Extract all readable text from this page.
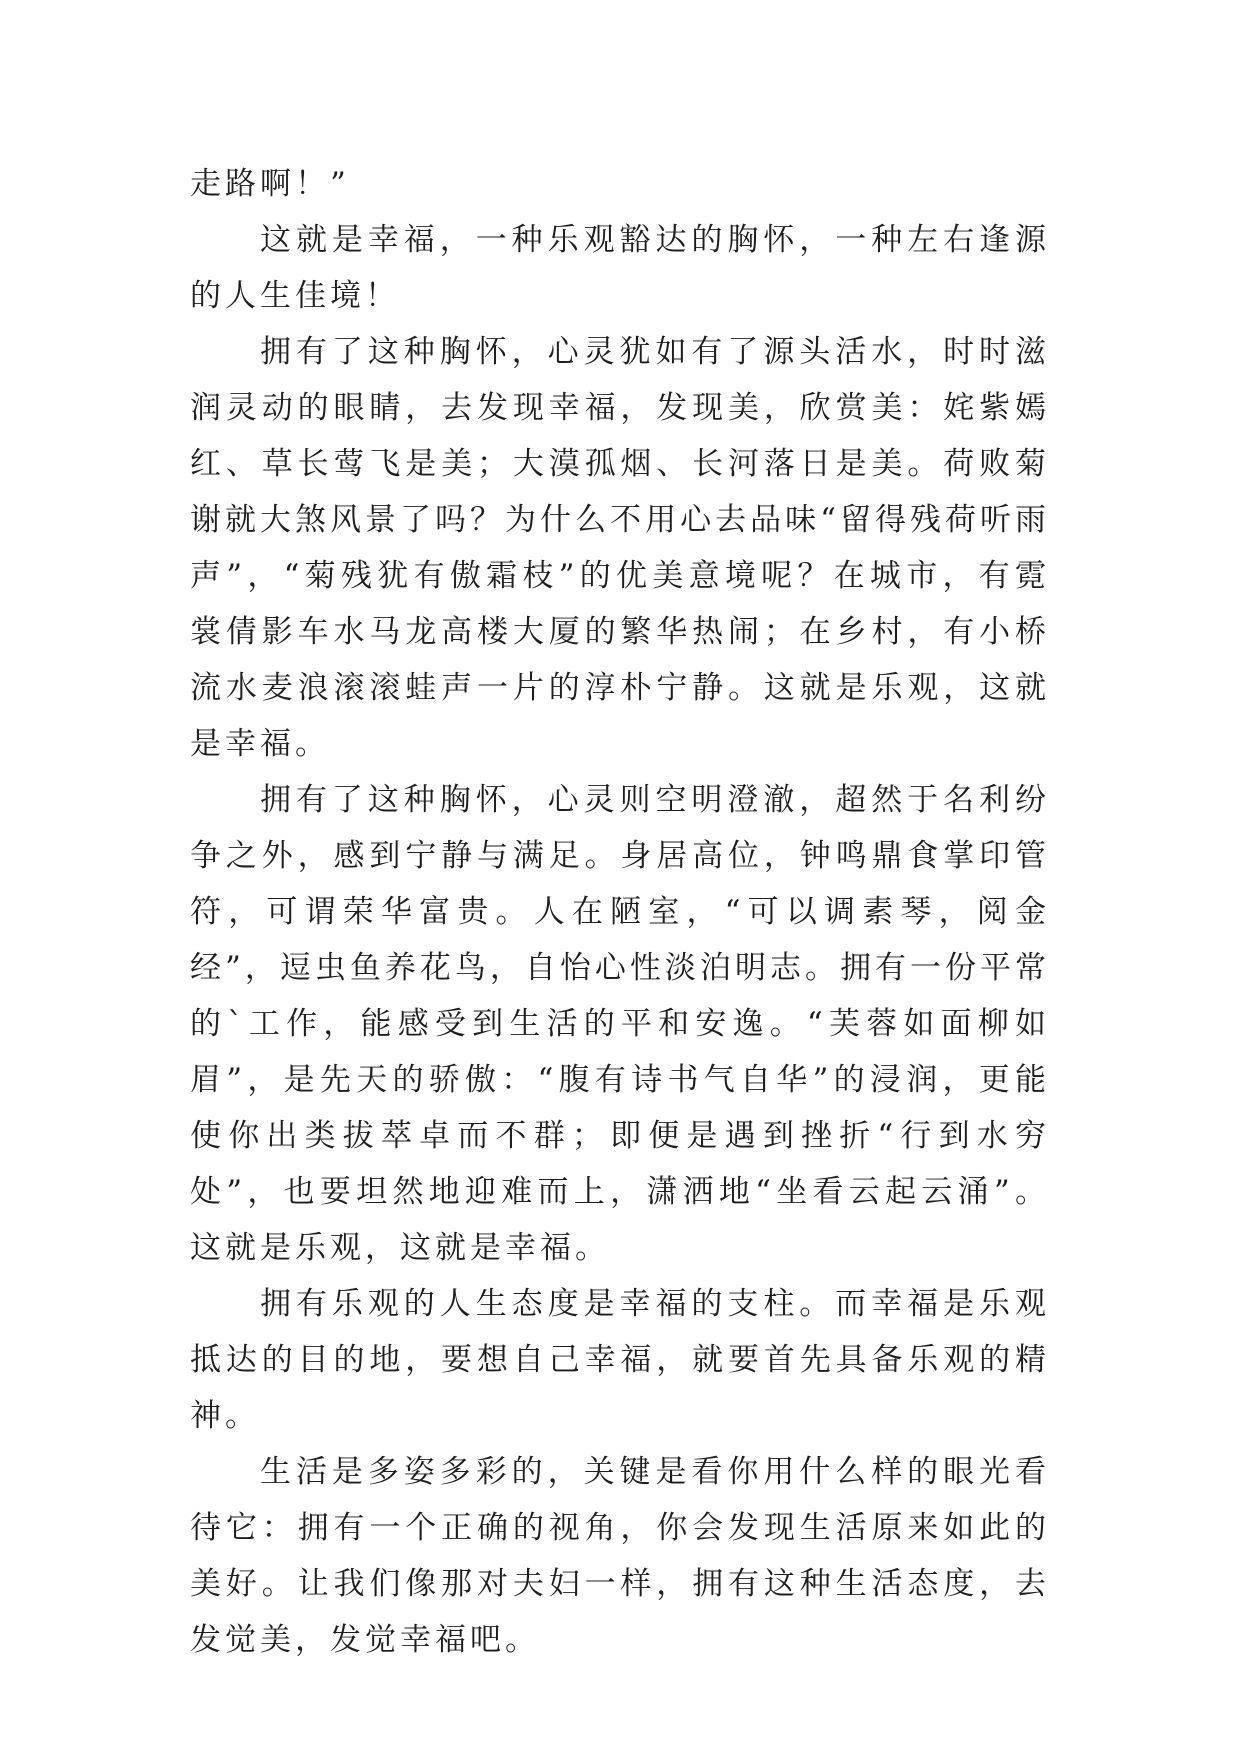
走路啊！”

这就是幸福，一种乐观豁达的胸怀，一种左右逢源的人生佳境！

拥有了这种胸怀，心灵犹如有了源头活水，时时滋润灵动的眼睛，去发现幸福，发现美，欣赏美：姹紫嫣红、草长莺飞是美；大漠孤烟、长河落日是美。荷败菊谢就大煞风景了吗？为什么不用心去品味“留得残荷听雨声”，“菊残犹有傲霜枝”的优美意境呢？在城市，有霓裳倩影车水马龙高楼大厦的繁华热闹；在乡村，有小桥流水麦浪滚滚蛙声一片的淳朴宁静。这就是乐观，这就是幸福。

拥有了这种胸怀，心灵则空明澄澈，超然于名利纷争之外，感到宁静与满足。身居高位，钟鸣鼎食掌印管符，可谓荣华富贵。人在陋室，“可以调素琴，阅金经”，逗虫鱼养花鸟，自怡心性淡泊明志。拥有一份平常的`工作，能感受到生活的平和安逸。“芙蓉如面柳如眉”，是先天的骄傲：“腹有诗书气自华”的浸润，更能使你出类拔萃卓而不群；即便是遇到挫折“行到水穷处”，也要坦然地迎难而上，潇洒地“坐看云起云涌”。这就是乐观，这就是幸福。

拥有乐观的人生态度是幸福的支柱。而幸福是乐观抵达的目的地，要想自己幸福，就要首先具备乐观的精神。

生活是多姿多彩的，关键是看你用什么样的眼光看待它：拥有一个正确的视角，你会发现生活原来如此的美好。让我们像那对夫妇一样，拥有这种生活态度，去发觉美，发觉幸福吧。
